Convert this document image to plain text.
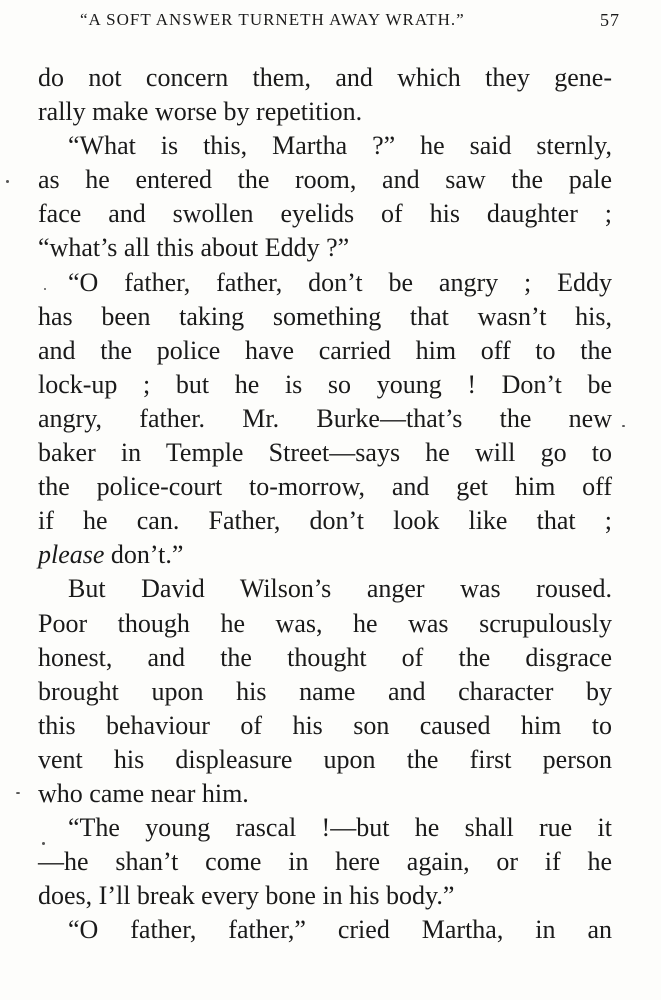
“A SOFT ANSWER TURNETH AWAY WRATH.”	57
do not concern them, and which they gene-
rally make worse by repetition.
“What is this, Martha ?” he said sternly,
as he entered the room, and saw the pale
face and swollen eyelids of his daughter ;
“what’s all this about Eddy ?”
“O father, father, don’t be angry ; Eddy
has been taking something that wasn’t his,
and the police have carried him off to the
lock-up ; but he is so young ! Don’t be
angry, father. Mr. Burke—that’s the new
baker in Temple Street—says he will go to
the police-court to-morrow, and get him off
if he can. Father, don’t look like that ;
please don’t.”
But David Wilson’s anger was roused.
Poor though he was, he was scrupulously
honest, and the thought of the disgrace
brought upon his name and character by
this behaviour of his son caused him to
vent his displeasure upon the first person
who came near him.
“The young rascal !—but he shall rue it
—he shan’t come in here again, or if he
does, I’ll break every bone in his body.”
“O father, father,” cried Martha, in an
